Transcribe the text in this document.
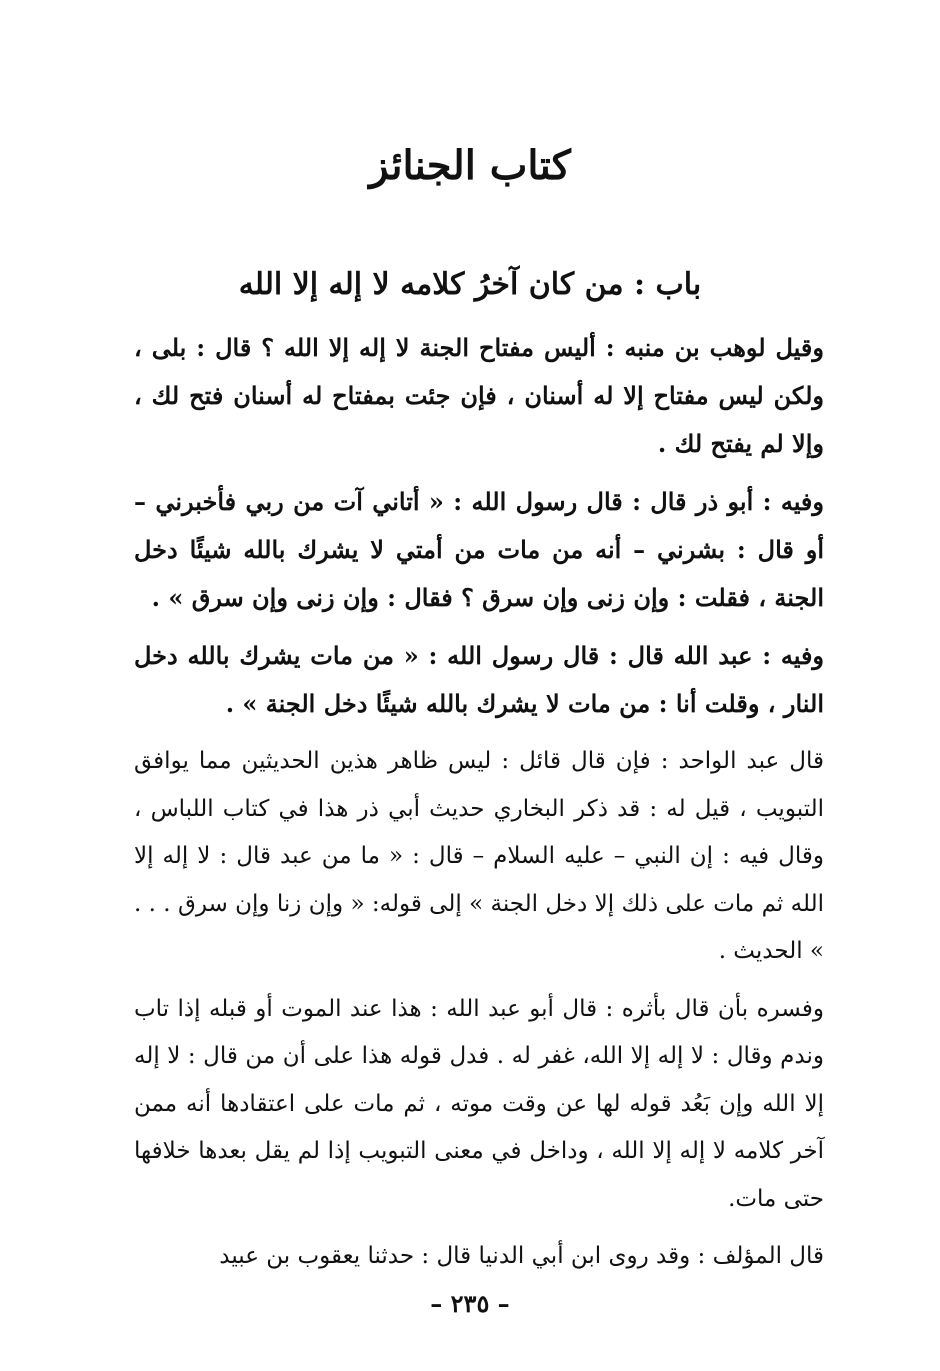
كتاب الجنائز
باب : من كان آخرُ كلامه لا إله إلا الله

وقيل لوهب بن منبه : أليس مفتاح الجنة لا إله إلا الله ؟ قال : بلى ، ولكن ليس مفتاح إلا له أسنان ، فإن جئت بمفتاح له أسنان فتح لك ، وإلا لم يفتح لك .

وفيه : أبو ذر قال : قال رسول الله : « أتاني آت من ربي فأخبرني – أو قال : بشرني – أنه من مات من أمتي لا يشرك بالله شيئًا دخل الجنة ، فقلت : وإن زنى وإن سرق ؟ فقال : وإن زنى وإن سرق » .

وفيه : عبد الله قال : قال رسول الله : « من مات يشرك بالله دخل النار ، وقلت أنا : من مات لا يشرك بالله شيئًا دخل الجنة » .

قال عبد الواحد : فإن قال قائل : ليس ظاهر هذين الحديثين مما يوافق التبويب ، قيل له : قد ذكر البخاري حديث أبي ذر هذا في كتاب اللباس ، وقال فيه : إن النبي – عليه السلام – قال : « ما من عبد قال : لا إله إلا الله ثم مات على ذلك إلا دخل الجنة » إلى قوله: « وإن زنا وإن سرق . . . » الحديث .

وفسره بأن قال بأثره : قال أبو عبد الله : هذا عند الموت أو قبله إذا تاب وندم وقال : لا إله إلا الله، غفر له . فدل قوله هذا على أن من قال : لا إله إلا الله وإن بَعُد قوله لها عن وقت موته ، ثم مات على اعتقادها أنه ممن آخر كلامه لا إله إلا الله ، وداخل في معنى التبويب إذا لم يقل بعدها خلافها حتى مات.

قال المؤلف : وقد روى ابن أبي الدنيا قال : حدثنا يعقوب بن عبيد

– ٢٣٥ –
